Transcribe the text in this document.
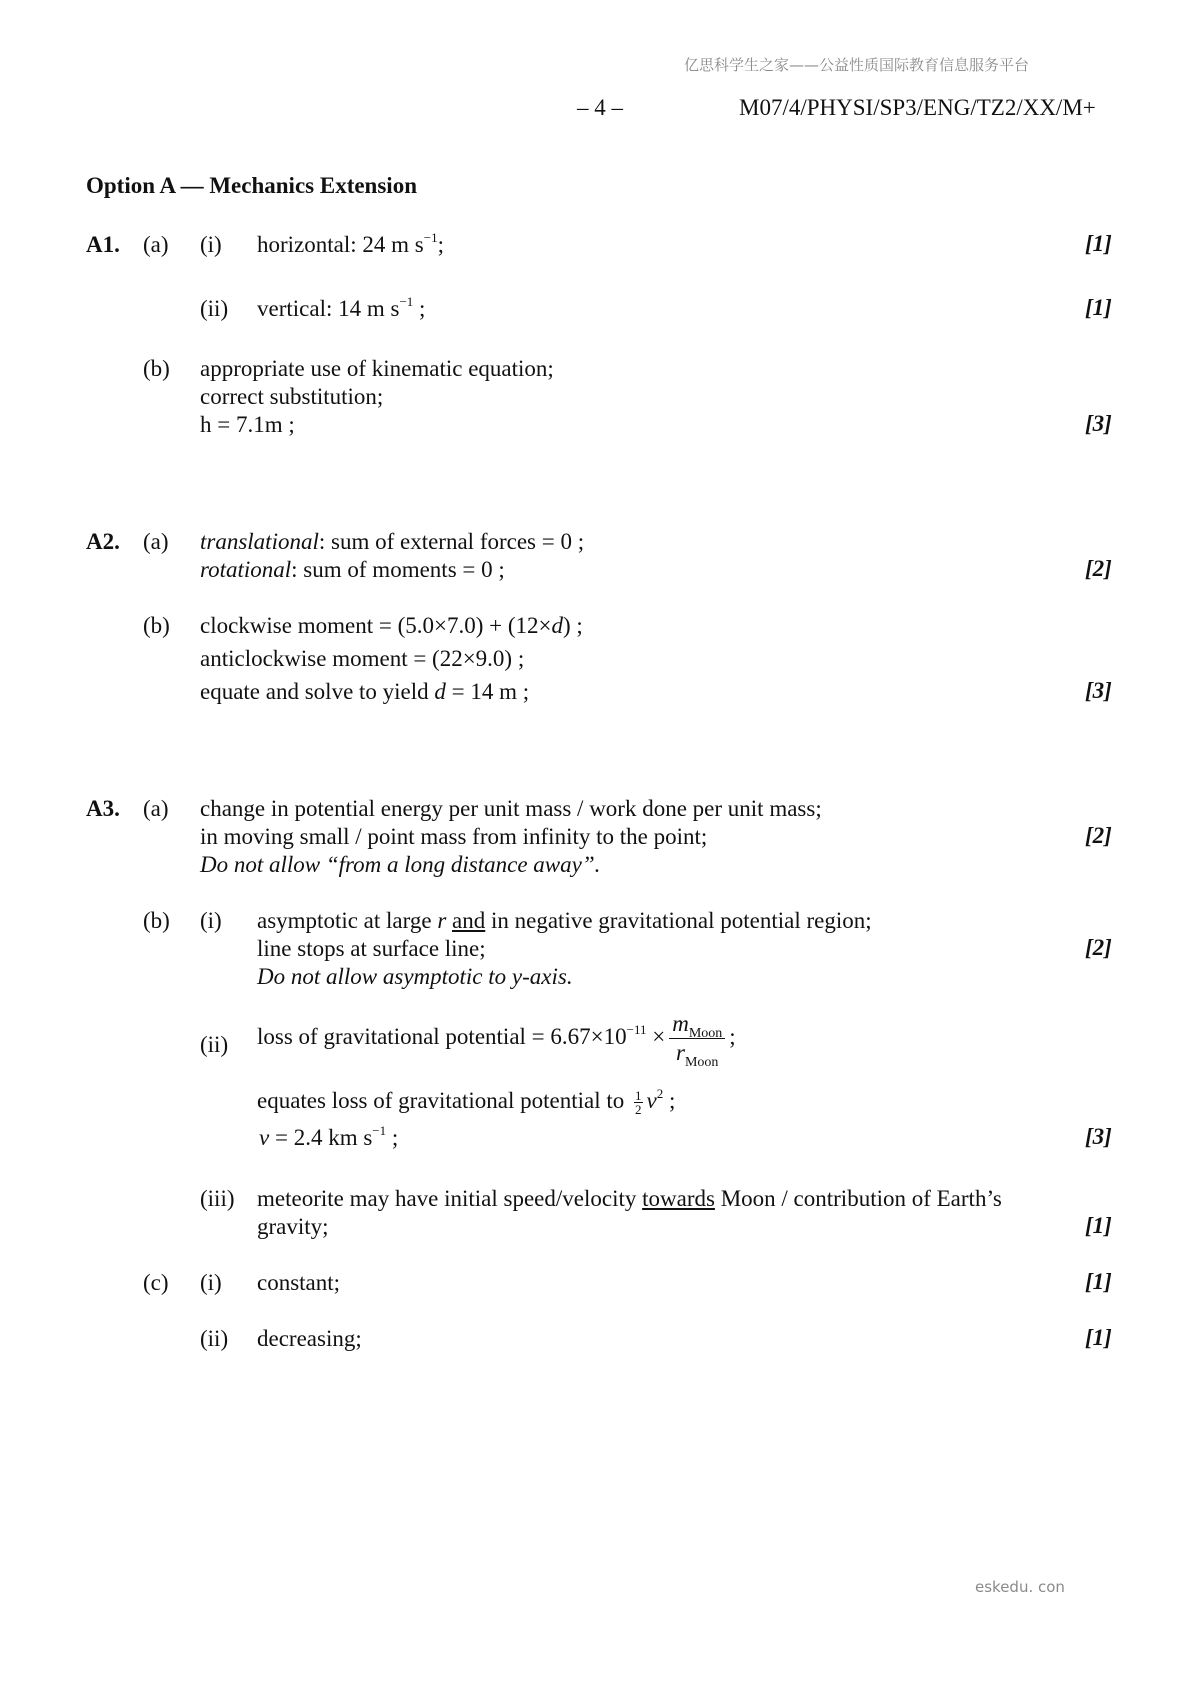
亿思科学生之家——公益性质国际教育信息服务平台
– 4 –	M07/4/PHYSI/SP3/ENG/TZ2/XX/M+
Option A — Mechanics Extension
A1. (a) (i) horizontal: 24 m $s^{-1}$;	[1]
(ii) vertical: 14 m $s^{-1}$ ;	[1]
(b) appropriate use of kinematic equation;
correct substitution;
h = 7.1m ;	[3]
A2. (a) translational: sum of external forces = 0 ;
rotational: sum of moments = 0 ;	[2]
(b) clockwise moment = (5.0×7.0) + (12×d) ;
anticlockwise moment = (22×9.0) ;
equate and solve to yield d = 14 m ;	[3]
A3. (a) change in potential energy per unit mass / work done per unit mass;
in moving small / point mass from infinity to the point;
Do not allow “from a long distance away”.
[2]
(b) (i) asymptotic at large r and in negative gravitational potential region;
line stops at surface line;
Do not allow asymptotic to y-axis.
[2]
(ii) loss of gravitational potential = $6.67\times 10^{-11} \times \frac{m_{Moon}}{r_{Moon}}$ ;
equates loss of gravitational potential to $\frac{1}{2} v^2$ ;
v = 2.4 km $s^{-1}$ ;	[3]
(iii) meteorite may have initial speed/velocity towards Moon / contribution of Earth’s
gravity;	[1]
(c) (i) constant;	[1]
(ii) decreasing;	[1]
eskedu. con
